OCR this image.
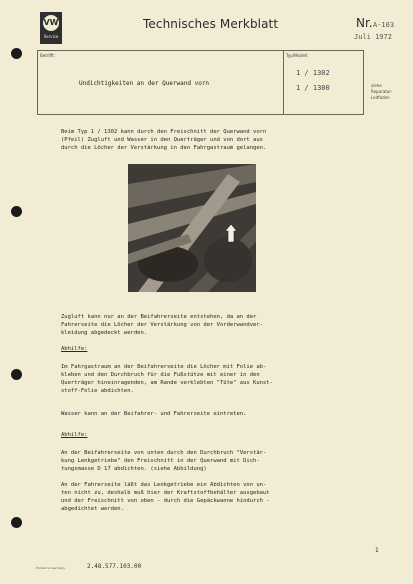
VW
Service
Technisches Merkblatt	Nr. A-103
Juli 1972
Betrifft:	Typ/Modell:
Undichtigkeiten an der Querwand vorn
1 / 1302
1 / 1300	siehe
Reparatur-
Leitfaden
Beim Typ 1 / 1302 kann durch den Freischnitt der Querwand vorn
(Pfeil) Zugluft und Wasser in den Querträger und von dort aus
durch die Löcher der Verstärkung in den Fahrgastraum gelangen.
Zugluft kann nur an der Beifahrerseite entstehen, da an der
Fahrerseite die Löcher der Verstärkung von der Vorderwandver-
kleidung abgedeckt werden.
Abhilfe:
Im Fahrgastraum an der Beifahrerseite die Löcher mit Folie ab-
kleben und den Durchbruch für die Fußstütze mit einer in den
Querträger hineinragenden, am Rande verklebten "Tüte" aus Kunst-
stoff-Folie abdichten.
Wasser kann an der Beifahrer- und Fahrerseite eintreten.
Abhilfe:
An der Beifahrerseite von unten durch den Durchbruch "Verstär-
kung Lenkgetriebe" den Freischnitt in der Querwand mit Dich-
tungsmasse D 17 abdichten. (siehe Abbildung)

An der Fahrerseite läßt das Lenkgetriebe ein Abdichten von un-
ten nicht zu, deshalb muß hier der Kraftstoffbehälter ausgebaut
und der Freischnitt von oben - durch die Gepäckwanne hindurch -
abgedichtet werden.
1
Printed in Germany	2.48.577.103.00
